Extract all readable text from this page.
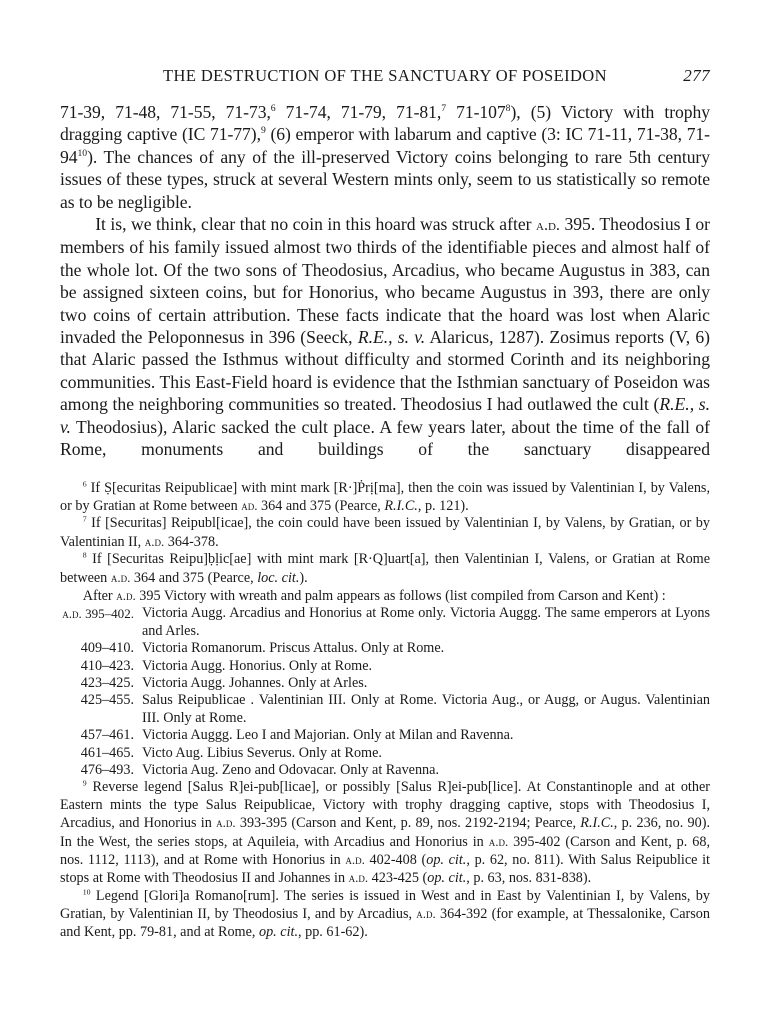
THE DESTRUCTION OF THE SANCTUARY OF POSEIDON	277

71-39, 71-48, 71-55, 71-73,$^6$ 71-74, 71-79, 71-81,$^7$ $71-107^8$), (5) Victory with trophy dragging captive (IC 71-77),$^9$ (6) emperor with labarum and captive (3: IC 71-11, 71-38, $71-94^{10}$). The chances of any of the ill-preserved Victory coins belonging to rare 5th century issues of these types, struck at several Western mints only, seem to us statistically so remote as to be negligible.

It is, we think, clear that no coin in this hoard was struck after a.d. 395. Theodosius I or members of his family issued almost two thirds of the identifiable pieces and almost half of the whole lot. Of the two sons of Theodosius, Arcadius, who became Augustus in 383, can be assigned sixteen coins, but for Honorius, who became Augustus in 393, there are only two coins of certain attribution. These facts indicate that the hoard was lost when Alaric invaded the Peloponnesus in 396 (Seeck, R.E., s. v. Alaricus, 1287). Zosimus reports (V, 6) that Alaric passed the Isthmus without difficulty and stormed Corinth and its neighboring communities. This East-Field hoard is evidence that the Isthmian sanctuary of Poseidon was among the neighboring communities so treated. Theodosius I had outlawed the cult (R.E., s. v. Theodosius), Alaric sacked the cult place. A few years later, about the time of the fall of Rome, monuments and buildings of the sanctuary disappeared

$^6$ If Ṣ[ecuritas Reipublicae] with mint mark [R·]Ṗrị[ma], then the coin was issued by Valentinian I, by Valens, or by Gratian at Rome between ad. 364 and 375 (Pearce, R.I.C., p. 121).

$^7$ If [Securitas] Reipubl[icae], the coin could have been issued by Valentinian I, by Valens, by Gratian, or by Valentinian II, a.d. 364-378.

$^8$ If [Securitas Reipu]ḅḷic[ae] with mint mark [R·Q]uart[a], then Valentinian I, Valens, or Gratian at Rome between a.d. 364 and 375 (Pearce, loc. cit.).

After a.d. 395 Victory with wreath and palm appears as follows (list compiled from Carson and Kent) :

a.d. 395–402. Victoria Augg. Arcadius and Honorius at Rome only. Victoria Auggg. The same emperors at Lyons and Arles.
409–410. Victoria Romanorum. Priscus Attalus. Only at Rome.
410–423. Victoria Augg. Honorius. Only at Rome.
423–425. Victoria Augg. Johannes. Only at Arles.
425–455. Salus Reipublicae . Valentinian III. Only at Rome. Victoria Aug., or Augg, or Augus. Valentinian III. Only at Rome.
457–461. Victoria Auggg. Leo I and Majorian. Only at Milan and Ravenna.
461–465. Victo Aug. Libius Severus. Only at Rome.
476–493. Victoria Aug. Zeno and Odovacar. Only at Ravenna.

$^9$ Reverse legend [Salus R]ei-pub[licae], or possibly [Salus R]ei-pub[lice]. At Constantinople and at other Eastern mints the type Salus Reipublicae, Victory with trophy dragging captive, stops with Theodosius I, Arcadius, and Honorius in a.d. 393-395 (Carson and Kent, p. 89, nos. 2192-2194; Pearce, R.I.C., p. 236, no. 90). In the West, the series stops, at Aquileia, with Arcadius and Honorius in a.d. 395-402 (Carson and Kent, p. 68, nos. 1112, 1113), and at Rome with Honorius in a.d. 402-408 (op. cit., p. 62, no. 811). With Salus Reipublice it stops at Rome with Theodosius II and Johannes in a.d. 423-425 (op. cit., p. 63, nos. 831-838).

$^{10}$ Legend [Glori]a Romano[rum]. The series is issued in West and in East by Valentinian I, by Valens, by Gratian, by Valentinian II, by Theodosius I, and by Arcadius, a.d. 364-392 (for example, at Thessalonike, Carson and Kent, pp. 79-81, and at Rome, op. cit., pp. 61-62).
